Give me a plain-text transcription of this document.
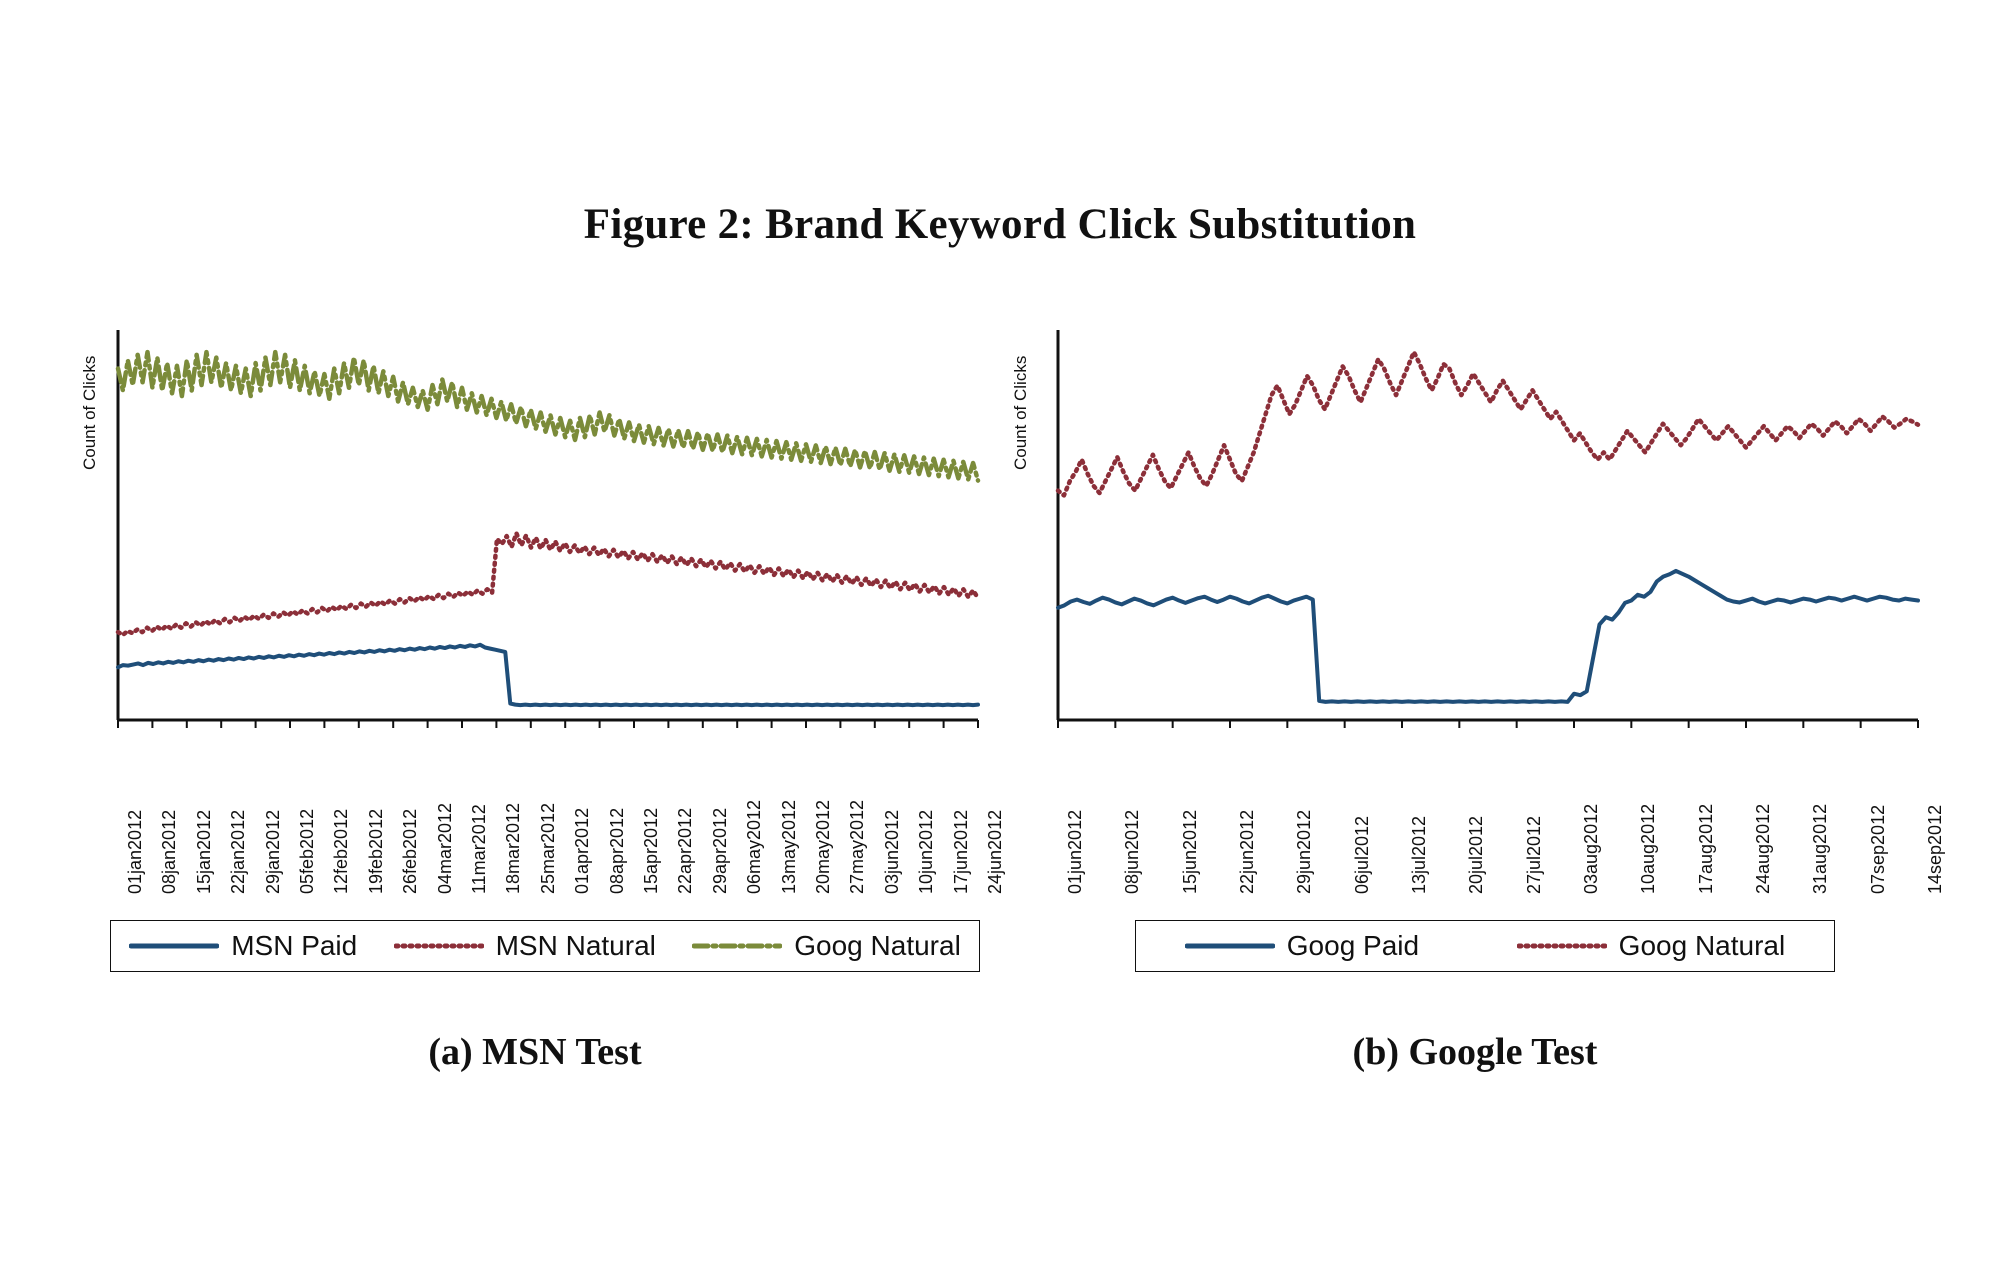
Figure 2: Brand Keyword Click Substitution
Count of Clicks
01jan2012 08jan2012 15jan2012 22jan2012 29jan2012 05feb2012 12feb2012 19feb2012 26feb2012 04mar2012 11mar2012 18mar2012 25mar2012 01apr2012 08apr2012 15apr2012 22apr2012 29apr2012 06may2012 13may2012 20may2012 27may2012 03jun2012 10jun2012 17jun2012 24jun2012
MSN Paid	MSN Natural	Goog Natural
Count of Clicks
01jun2012 08jun2012 15jun2012 22jun2012 29jun2012 06jul2012 13jul2012 20jul2012 27jul2012 03aug2012 10aug2012 17aug2012 24aug2012 31aug2012 07sep2012 14sep2012
Goog Paid	Goog Natural
(a) MSN Test	(b) Google Test
